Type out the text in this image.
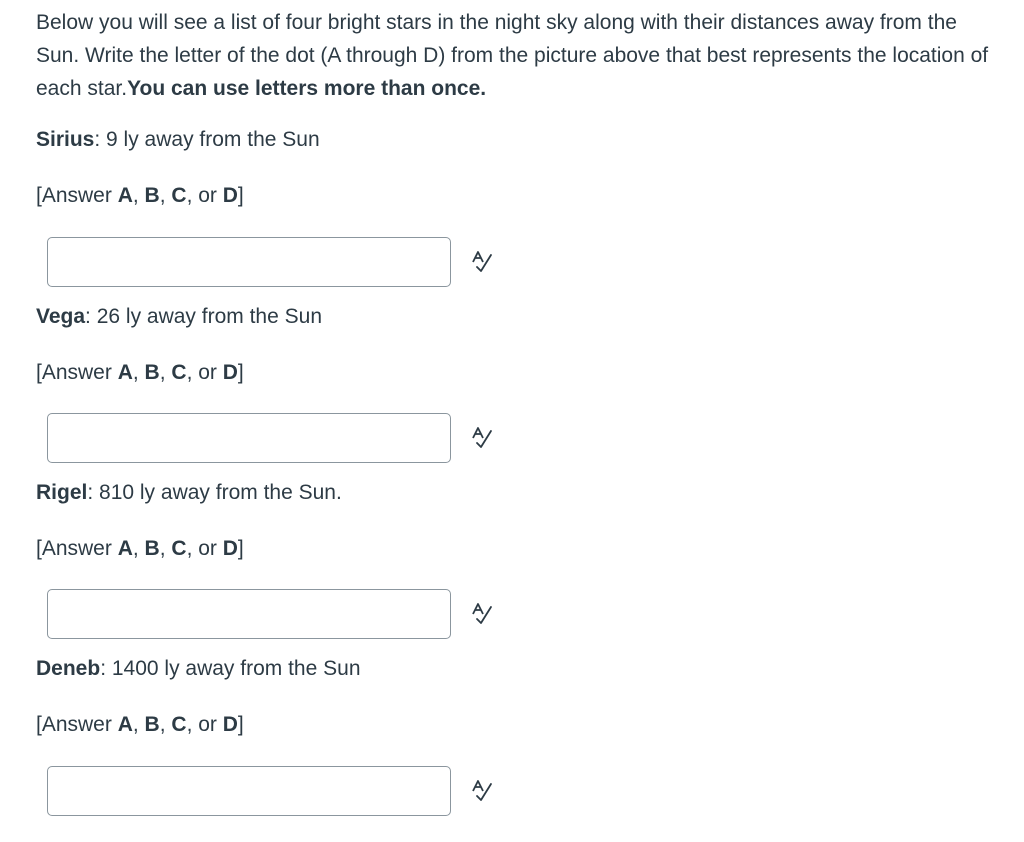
Below you will see a list of four bright stars in the night sky along with their distances away from the Sun. Write the letter of the dot (A through D) from the picture above that best represents the location of each star.You can use letters more than once.

Sirius: 9 ly away from the Sun

[Answer A, B, C, or D]

Vega: 26 ly away from the Sun

[Answer A, B, C, or D]

Rigel: 810 ly away from the Sun.

[Answer A, B, C, or D]

Deneb: 1400 ly away from the Sun

[Answer A, B, C, or D]
